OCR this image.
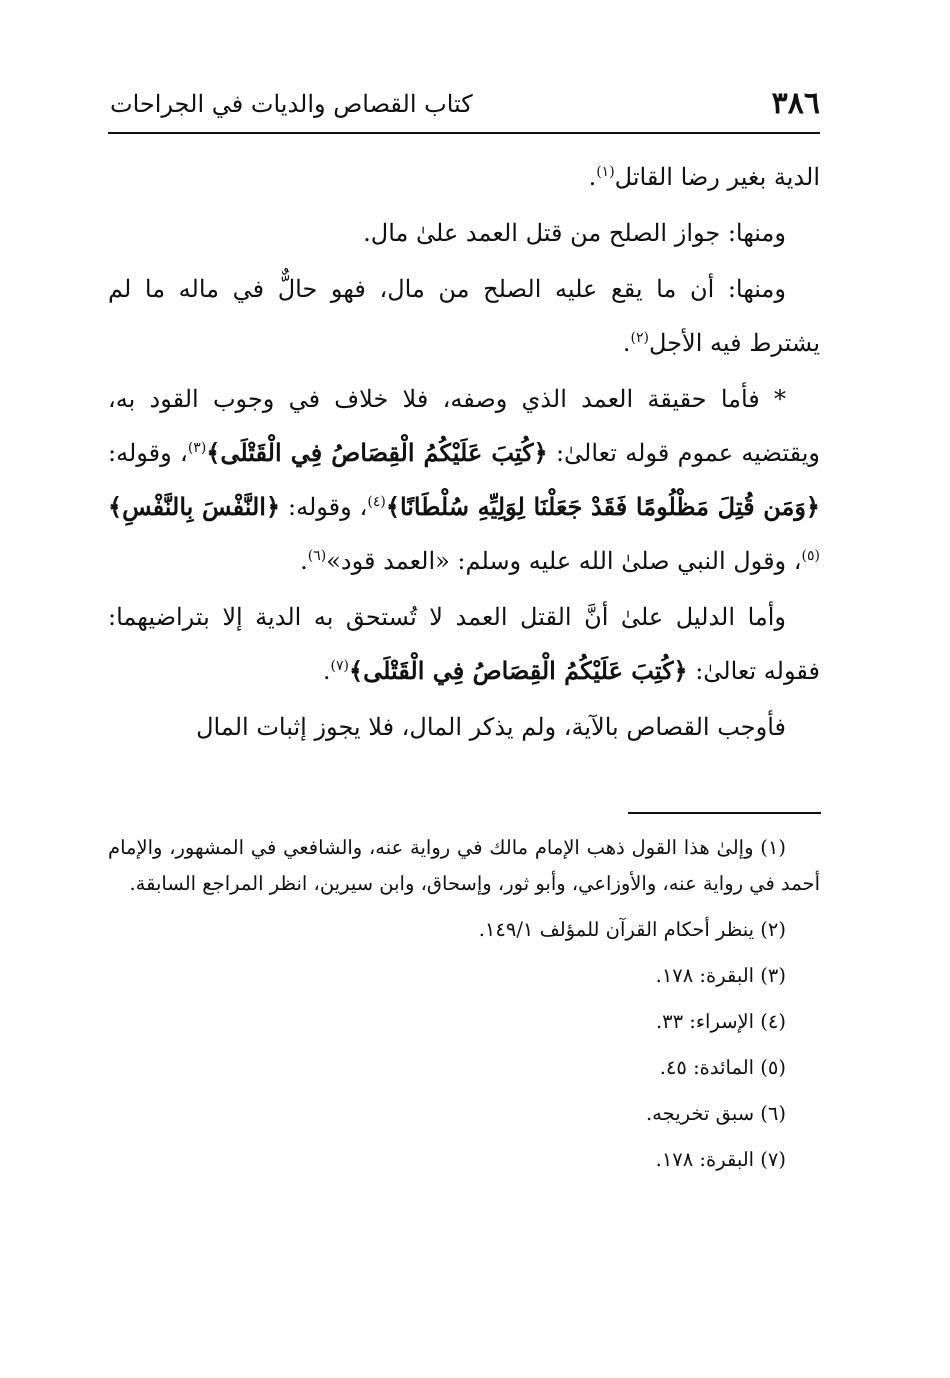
٣٨٦
كتاب القصاص والديات في الجراحات

الدية بغير رضا القاتل$^{(١)}$.

ومنها: جواز الصلح من قتل العمد علىٰ مال.

ومنها: أن ما يقع عليه الصلح من مال، فهو حالٌّ في ماله ما لم يشترط فيه الأجل$^{(٢)}$.

* فأما حقيقة العمد الذي وصفه، فلا خلاف في وجوب القود به، ويقتضيه عموم قوله تعالىٰ: ﴿كُتِبَ عَلَيْكُمُ الْقِصَاصُ فِي الْقَتْلَى﴾$^{(٣)}$، وقوله: ﴿وَمَن قُتِلَ مَظْلُومًا فَقَدْ جَعَلْنَا لِوَلِيِّهِ سُلْطَانًا﴾$^{(٤)}$، وقوله: ﴿النَّفْسَ بِالنَّفْسِ﴾$^{(٥)}$، وقول النبي صلىٰ الله عليه وسلم: «العمد قود»$^{(٦)}$.

وأما الدليل علىٰ أنَّ القتل العمد لا تُستحق به الدية إلا بتراضيهما: فقوله تعالىٰ: ﴿كُتِبَ عَلَيْكُمُ الْقِصَاصُ فِي الْقَتْلَى﴾$^{(٧)}$.

فأوجب القصاص بالآية، ولم يذكر المال، فلا يجوز إثبات المال

(١) وإلىٰ هذا القول ذهب الإمام مالك في رواية عنه، والشافعي في المشهور، والإمام أحمد في رواية عنه، والأوزاعي، وأبو ثور، وإسحاق، وابن سيرين، انظر المراجع السابقة.

(٢) ينظر أحكام القرآن للمؤلف ١٤٩/١.

(٣) البقرة: ١٧٨.

(٤) الإسراء: ٣٣.

(٥) المائدة: ٤٥.

(٦) سبق تخريجه.

(٧) البقرة: ١٧٨.
